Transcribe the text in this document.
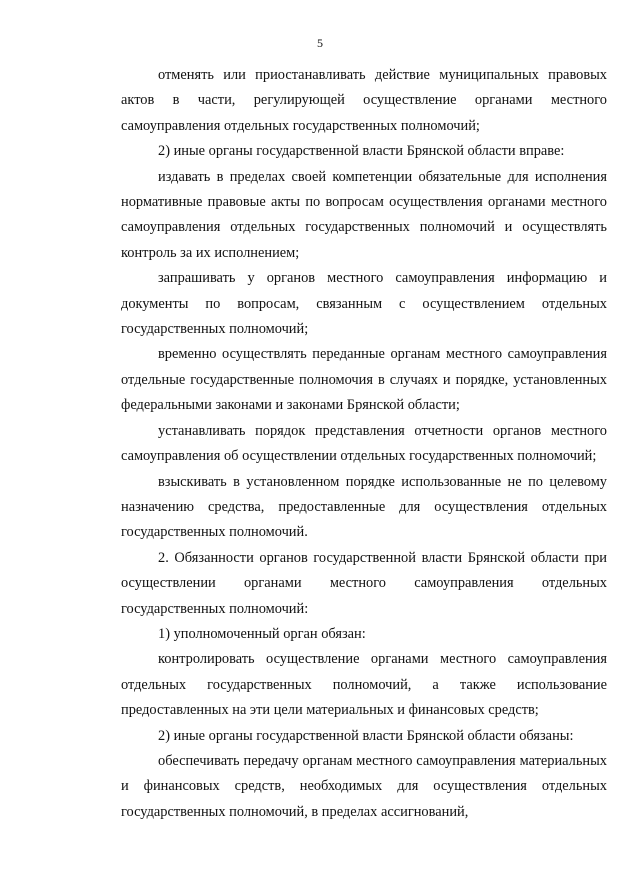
5

отменять или приостанавливать действие муниципальных правовых актов в части, регулирующей осуществление органами местного самоуправления отдельных государственных полномочий;

2) иные органы государственной власти Брянской области вправе:

издавать в пределах своей компетенции обязательные для исполнения нормативные правовые акты по вопросам осуществления органами местного самоуправления отдельных государственных полномочий и осуществлять контроль за их исполнением;

запрашивать у органов местного самоуправления информацию и документы по вопросам, связанным с осуществлением отдельных государственных полномочий;

временно осуществлять переданные органам местного самоуправления отдельные государственные полномочия в случаях и порядке, установленных федеральными законами и законами Брянской области;

устанавливать порядок представления отчетности органов местного самоуправления об осуществлении отдельных государственных полномочий;

взыскивать в установленном порядке использованные не по целевому назначению средства, предоставленные для осуществления отдельных государственных полномочий.

2. Обязанности органов государственной власти Брянской области при осуществлении органами местного самоуправления отдельных государственных полномочий:

1) уполномоченный орган обязан:

контролировать осуществление органами местного самоуправления отдельных государственных полномочий, а также использование предоставленных на эти цели материальных и финансовых средств;

2) иные органы государственной власти Брянской области обязаны:

обеспечивать передачу органам местного самоуправления материальных и финансовых средств, необходимых для осуществления отдельных государственных полномочий, в пределах ассигнований,
